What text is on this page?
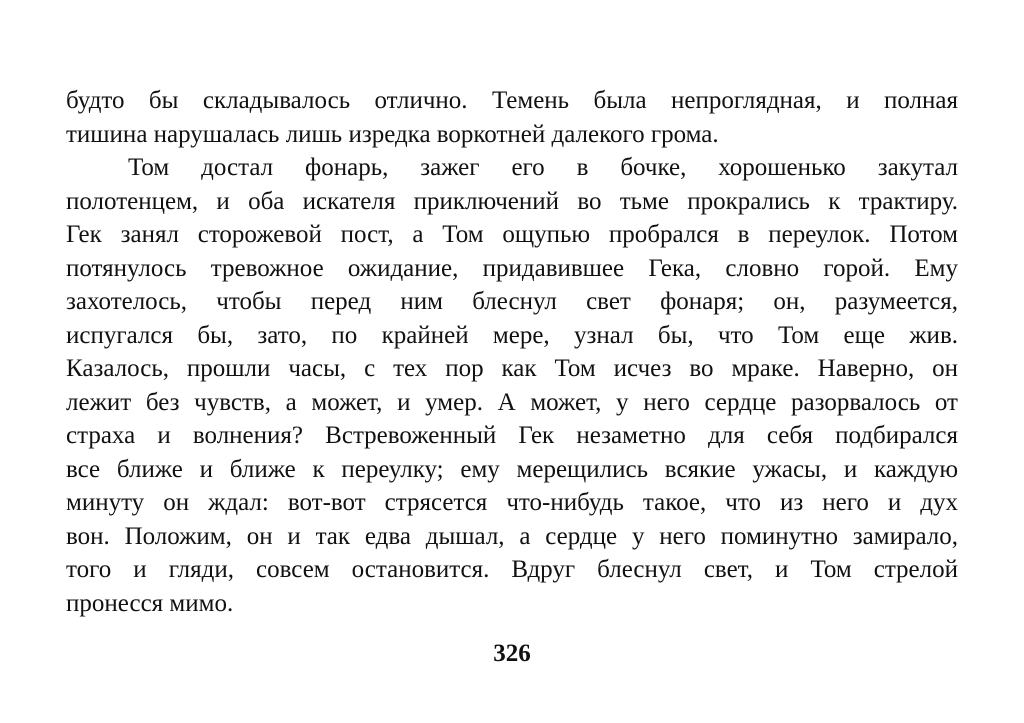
будто бы складывалось отлично. Темень была непроглядная, и полная
тишина нарушалась лишь изредка воркотней далекого грома.
Том достал фонарь, зажег его в бочке, хорошенько закутал
полотенцем, и оба искателя приключений во тьме прокрались к трактиру.
Гек занял сторожевой пост, а Том ощупью пробрался в переулок. Потом
потянулось тревожное ожидание, придавившее Гека, словно горой. Ему
захотелось, чтобы перед ним блеснул свет фонаря; он, разумеется,
испугался бы, зато, по крайней мере, узнал бы, что Том еще жив.
Казалось, прошли часы, с тех пор как Том исчез во мраке. Наверно, он
лежит без чувств, а может, и умер. А может, у него сердце разорвалось от
страха и волнения? Встревоженный Гек незаметно для себя подбирался
все ближе и ближе к переулку; ему мерещились всякие ужасы, и каждую
минуту он ждал: вот-вот стрясется что-нибудь такое, что из него и дух
вон. Положим, он и так едва дышал, а сердце у него поминутно замирало,
того и гляди, совсем остановится. Вдруг блеснул свет, и Том стрелой
пронесся мимо.
326
